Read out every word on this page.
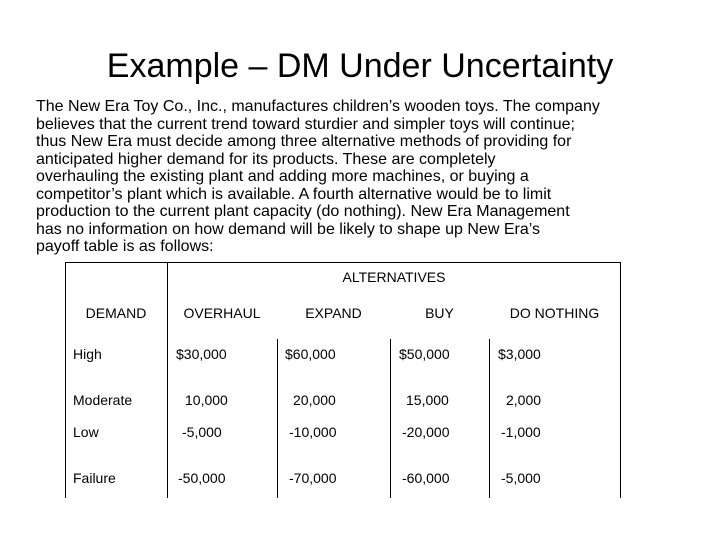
Example – DM Under Uncertainty
The New Era Toy Co., Inc., manufactures children’s wooden toys. The company
believes that the current trend toward sturdier and simpler toys will continue;
thus New Era must decide among three alternative methods of providing for
anticipated higher demand for its products. These are completely
overhauling the existing plant and adding more machines, or buying a
competitor’s plant which is available. A fourth alternative would be to limit
production to the current plant capacity (do nothing). New Era Management
has no information on how demand will be likely to shape up New Era’s
payoff table is as follows:
ALTERNATIVES
DEMAND	OVERHAUL	EXPAND	BUY	DO NOTHING
High	$30,000	$60,000	$50,000	$3,000
Moderate	10,000	20,000	15,000	2,000
Low	-5,000	-10,000	-20,000	-1,000
Failure	-50,000	-70,000	-60,000	-5,000
